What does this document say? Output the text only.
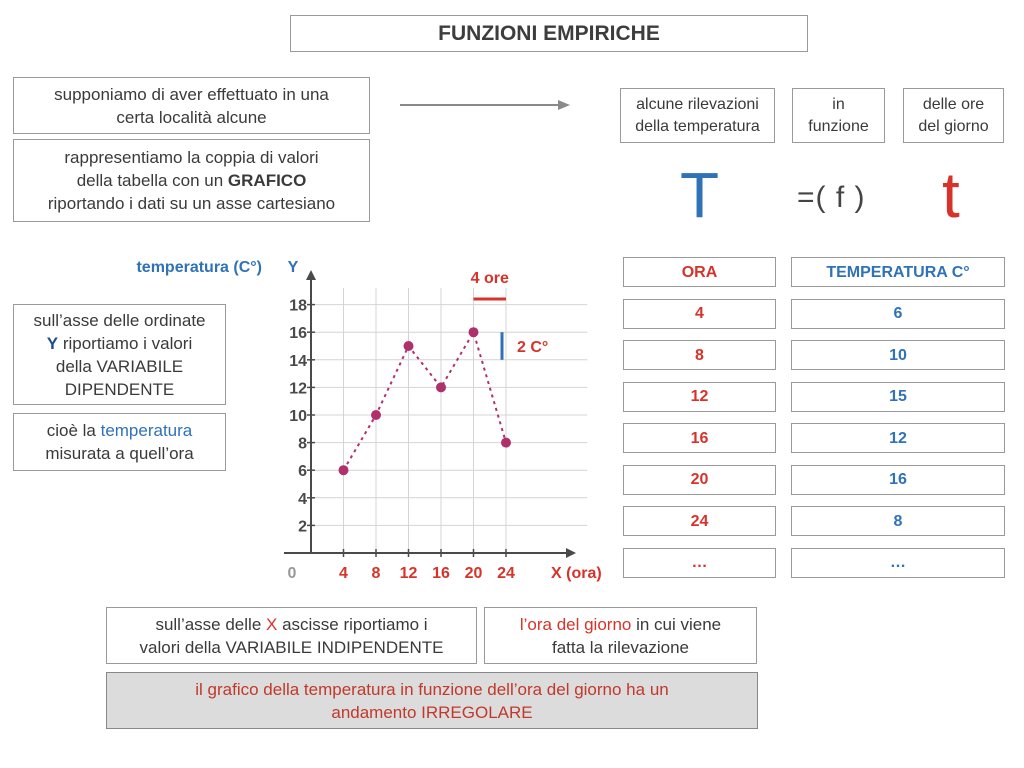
FUNZIONI EMPIRICHE
supponiamo di aver effettuato in una
certa località alcune
rappresentiamo la coppia di valori
della tabella con un GRAFICO
riportando i dati su un asse cartesiano
alcune rilevazioni
della temperatura
in
funzione
delle ore
del giorno
T	=( f ) t
sull’asse delle ordinate
Y riportiamo i valori
della VARIABILE
DIPENDENTE
cioè la temperatura
misurata a quell’ora
2
4
6
8
10
12
14
16
18
4 8 12 16 20 24
0
temperatura (C°) Y
X (ora)
4 ore
2 C°
ORA	TEMPERATURA C°
4	6
8	10
12	15
16	12
20	16
24	8
…	…
sull’asse delle X ascisse riportiamo i
valori della VARIABILE INDIPENDENTE
l’ora del giorno in cui viene
fatta la rilevazione
il grafico della temperatura in funzione dell’ora del giorno ha un
andamento IRREGOLARE
